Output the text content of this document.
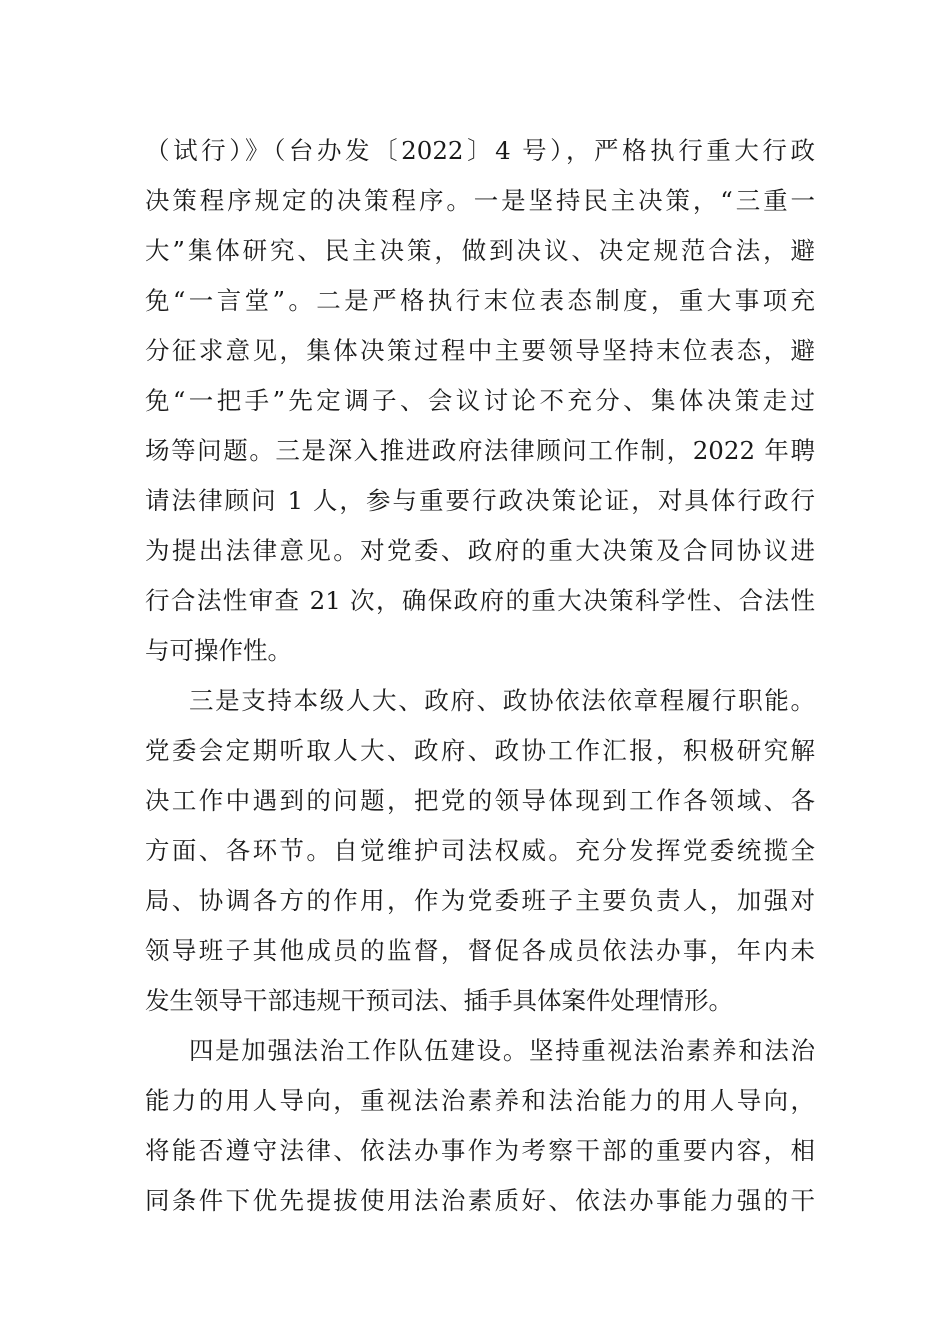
（试行）》（台办发〔2022〕4 号），严格执行重大行政
决策程序规定的决策程序。一是坚持民主决策，“三重一
大”集体研究、民主决策，做到决议、决定规范合法，避
免“一言堂”。二是严格执行末位表态制度，重大事项充
分征求意见，集体决策过程中主要领导坚持末位表态，避
免“一把手”先定调子、会议讨论不充分、集体决策走过
场等问题。三是深入推进政府法律顾问工作制，2022 年聘
请法律顾问 1 人，参与重要行政决策论证，对具体行政行
为提出法律意见。对党委、政府的重大决策及合同协议进
行合法性审查 21 次，确保政府的重大决策科学性、合法性
与可操作性。
三是支持本级人大、政府、政协依法依章程履行职能。
党委会定期听取人大、政府、政协工作汇报，积极研究解
决工作中遇到的问题，把党的领导体现到工作各领域、各
方面、各环节。自觉维护司法权威。充分发挥党委统揽全
局、协调各方的作用，作为党委班子主要负责人，加强对
领导班子其他成员的监督，督促各成员依法办事，年内未
发生领导干部违规干预司法、插手具体案件处理情形。
四是加强法治工作队伍建设。坚持重视法治素养和法治
能力的用人导向，重视法治素养和法治能力的用人导向，
将能否遵守法律、依法办事作为考察干部的重要内容，相
同条件下优先提拔使用法治素质好、依法办事能力强的干
